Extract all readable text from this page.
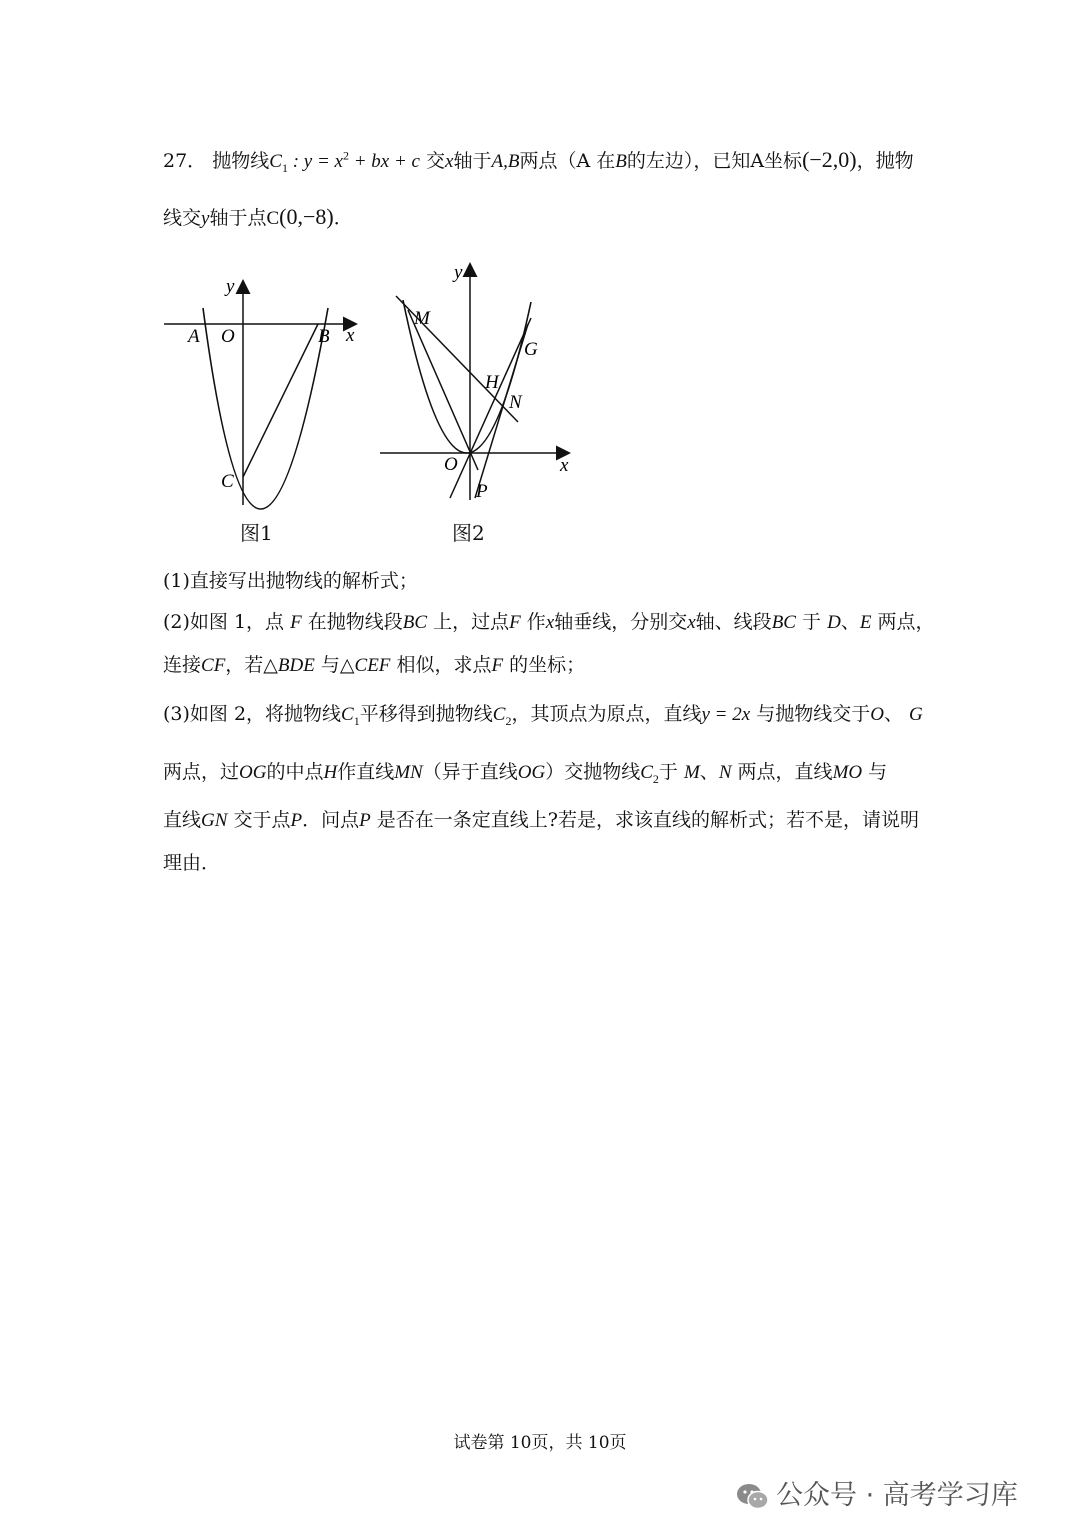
27． 抛物线$C_1$ : $y = x^2$ + bx + c 交x轴于A,B两点（A 在B的左边），已知A坐标(−2,0)，抛物
线交y轴于点C(0,−8)．
y
x
A O	B
C
图1
y
x
M
G
H
N
O
P
图2
(1)直接写出抛物线的解析式；
(2)如图 1，点 F 在抛物线段BC 上，过点F 作x轴垂线，分别交x轴、线段BC 于 D、E 两点，
连接CF，若△BDE 与△CEF 相似，求点F 的坐标；
(3)如图 2，将抛物线$C_1$平移得到抛物线$C_2$，其顶点为原点，直线y = 2x 与抛物线交于O、 G
两点，过OG的中点H作直线MN（异于直线OG）交抛物线$C_2$于 M、N 两点，直线MO 与
直线GN 交于点P．问点P 是否在一条定直线上?若是，求该直线的解析式；若不是，请说明
理由．
试卷第 10页，共 10页
公众号 · 高考学习库
